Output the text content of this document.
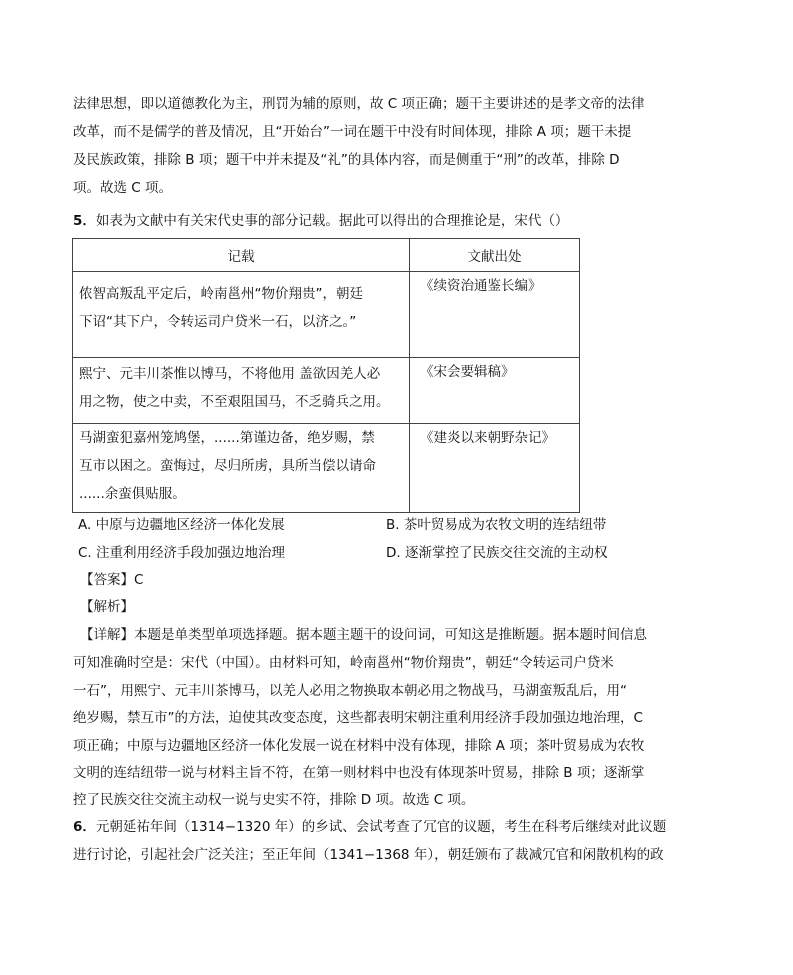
法律思想，即以道德教化为主，刑罚为辅的原则，故 C 项正确；题干主要讲述的是孝文帝的法律
改革，而不是儒学的普及情况，且“开始台”一词在题干中没有时间体现，排除 A 项；题干未提
及民族政策，排除 B 项；题干中并未提及“礼”的具体内容，而是侧重于“刑”的改革，排除 D
项。故选 C 项。
5．如表为文献中有关宋代史事的部分记载。据此可以得出的合理推论是，宋代（）
记载	文献出处

侬智高叛乱平定后，岭南邕州“物价翔贵”，朝廷
下诏“其下户，令转运司户贷米一石，以济之。”	《续资治通鉴长编》

熙宁、元丰川茶惟以博马，不将他用 盖欲因羌人必
用之物，使之中卖，不至艰阻国马，不乏骑兵之用。	《宋会要辑稿》

马湖蛮犯嘉州笼鸠堡，......第谨边备，绝岁赐，禁
互市以困之。蛮悔过，尽归所虏，具所当偿以请命
......余蛮俱贴服。	《建炎以来朝野杂记》
A. 中原与边疆地区经济一体化发展	B. 茶叶贸易成为农牧文明的连结纽带
C. 注重利用经济手段加强边地治理	D. 逐渐掌控了民族交往交流的主动权
【答案】C
【解析】
【详解】本题是单类型单项选择题。据本题主题干的设问词，可知这是推断题。据本题时间信息
可知准确时空是：宋代（中国）。由材料可知，岭南邕州“物价翔贵”，朝廷“令转运司户贷米
一石”，用熙宁、元丰川茶博马，以羌人必用之物换取本朝必用之物战马，马湖蛮叛乱后，用“
绝岁赐，禁互市”的方法，迫使其改变态度，这些都表明宋朝注重利用经济手段加强边地治理，C
项正确；中原与边疆地区经济一体化发展一说在材料中没有体现，排除 A 项；茶叶贸易成为农牧
文明的连结纽带一说与材料主旨不符，在第一则材料中也没有体现茶叶贸易，排除 B 项；逐渐掌
控了民族交往交流主动权一说与史实不符，排除 D 项。故选 C 项。
6．元朝延祐年间（1314−1320 年）的乡试、会试考查了冗官的议题，考生在科考后继续对此议题
进行讨论，引起社会广泛关注；至正年间（1341−1368 年），朝廷颁布了裁减冗官和闲散机构的政
